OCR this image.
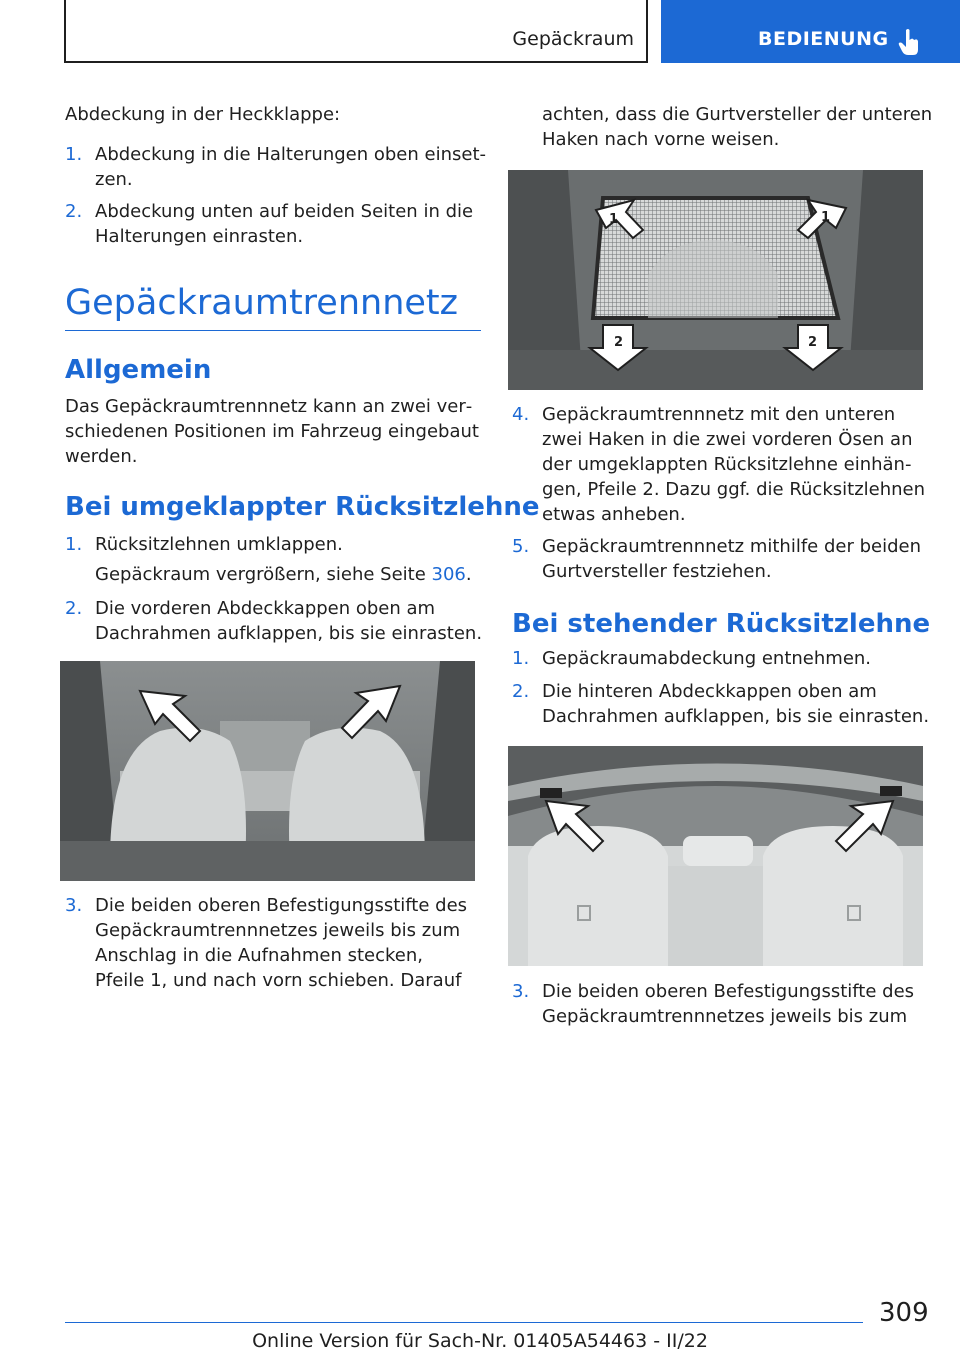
Gepäckraum	BEDIENUNG

Abdeckung in der Heckklappe:

1. Abdeckung in die Halterungen oben einset‐
zen.
2. Abdeckung unten auf beiden Seiten in die
Halterungen einrasten.
Gepäckraumtrennnetz
Allgemein
Das Gepäckraumtrennnetz kann an zwei ver‐
schiedenen Positionen im Fahrzeug eingebaut
werden.
Bei umgeklappter Rücksitzlehne
1. Rücksitzlehnen umklappen.
Gepäckraum vergrößern, siehe Seite 306.
2. Die vorderen Abdeckkappen oben am
Dachrahmen aufklappen, bis sie einrasten.
3. Die beiden oberen Befestigungsstifte des
Gepäckraumtrennnetzes jeweils bis zum
Anschlag in die Aufnahmen stecken,
Pfeile 1, und nach vorn schieben. Darauf
achten, dass die Gurtversteller der unteren
Haken nach vorne weisen.
1	1
2	2
4. Gepäckraumtrennnetz mit den unteren
zwei Haken in die zwei vorderen Ösen an
der umgeklappten Rücksitzlehne einhän‐
gen, Pfeile 2. Dazu ggf. die Rücksitzlehnen
etwas anheben.
5. Gepäckraumtrennnetz mithilfe der beiden
Gurtversteller festziehen.
Bei stehender Rücksitzlehne
1. Gepäckraumabdeckung entnehmen.
2. Die hinteren Abdeckkappen oben am
Dachrahmen aufklappen, bis sie einrasten.
3. Die beiden oberen Befestigungsstifte des
Gepäckraumtrennnetzes jeweils bis zum
309
Online Version für Sach-Nr. 01405A54463 - II/22
